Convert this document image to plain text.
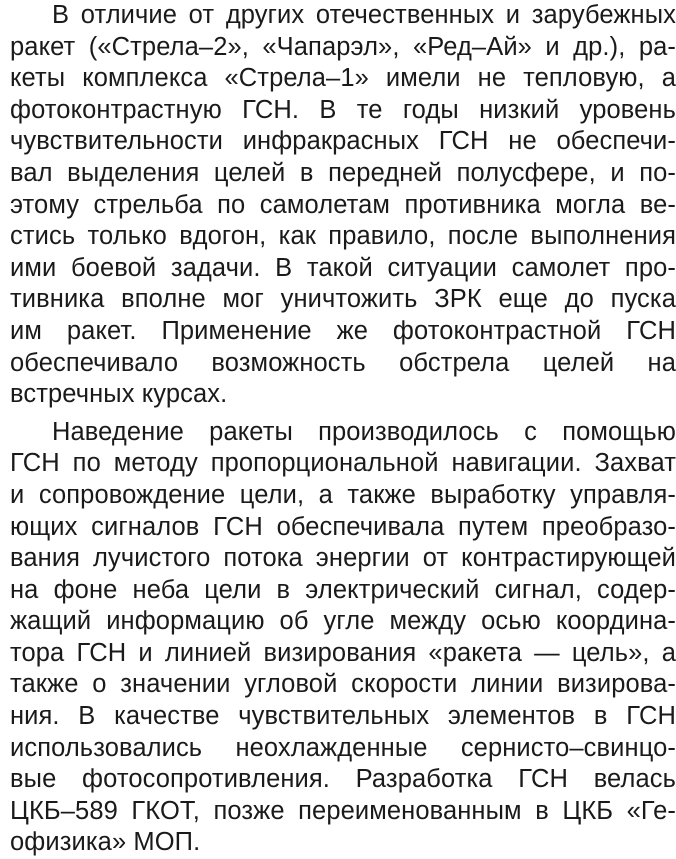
В отличие от других отечественных и зарубежных
ракет («Стрела–2», «Чапарэл», «Ред–Ай» и др.), ра-
кеты комплекса «Стрела–1» имели не тепловую, а
фотоконтрастную ГСН. В те годы низкий уровень
чувствительности инфракрасных ГСН не обеспечи-
вал выделения целей в передней полусфере, и по-
этому стрельба по самолетам противника могла ве-
стись только вдогон, как правило, после выполнения
ими боевой задачи. В такой ситуации самолет про-
тивника вполне мог уничтожить ЗРК еще до пуска
им ракет. Применение же фотоконтрастной ГСН
обеспечивало возможность обстрела целей на
встречных курсах.
Наведение ракеты производилось с помощью
ГСН по методу пропорциональной навигации. Захват
и сопровождение цели, а также выработку управля-
ющих сигналов ГСН обеспечивала путем преобразо-
вания лучистого потока энергии от контрастирующей
на фоне неба цели в электрический сигнал, содер-
жащий информацию об угле между осью координа-
тора ГСН и линией визирования «ракета — цель», а
также о значении угловой скорости линии визирова-
ния. В качестве чувствительных элементов в ГСН
использовались неохлажденные сернисто–свинцо-
вые фотосопротивления. Разработка ГСН велась
ЦКБ–589 ГКОТ, позже переименованным в ЦКБ «Ге-
офизика» МОП.
